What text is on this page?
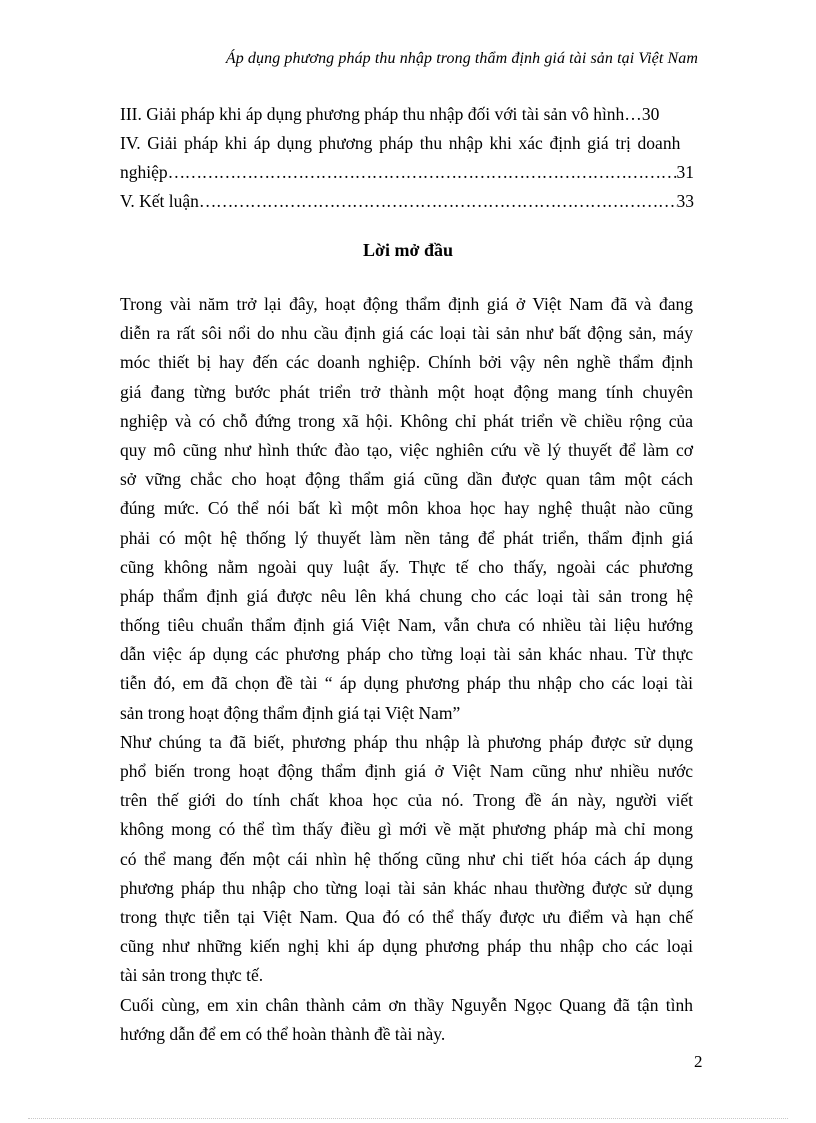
Áp dụng phương pháp thu nhập trong thẩm định giá tài sản tại Việt Nam
III. Giải pháp khi áp dụng phương pháp thu nhập đối với tài sản vô hình… 30
IV. Giải pháp khi áp dụng phương pháp thu nhập khi xác định giá trị doanh
nghiệp ………………………………………………………………………………………………………………………………………………………………	31
V. Kết luận ………………………………………………………………………………………………………………………………………………………………	33
Lời mở đầu
Trong vài năm trở lại đây, hoạt động thẩm định giá ở Việt Nam đã và đang
diễn ra rất sôi nổi do nhu cầu định giá các loại tài sản như bất động sản, máy
móc thiết bị hay đến các doanh nghiệp. Chính bởi vậy nên nghề thẩm định
giá đang từng bước phát triển trở thành một hoạt động mang tính chuyên
nghiệp và có chỗ đứng trong xã hội. Không chỉ phát triển về chiều rộng của
quy mô cũng như hình thức đào tạo, việc nghiên cứu về lý thuyết để làm cơ
sở vững chắc cho hoạt động thẩm giá cũng dần được quan tâm một cách
đúng mức. Có thể nói bất kì một môn khoa học hay nghệ thuật nào cũng
phải có một hệ thống lý thuyết làm nền tảng để phát triển, thẩm định giá
cũng không nằm ngoài quy luật ấy. Thực tế cho thấy, ngoài các phương
pháp thẩm định giá được nêu lên khá chung cho các loại tài sản trong hệ
thống tiêu chuẩn thẩm định giá Việt Nam, vẫn chưa có nhiều tài liệu hướng
dẫn việc áp dụng các phương pháp cho từng loại tài sản khác nhau. Từ thực
tiễn đó, em đã chọn đề tài “ áp dụng phương pháp thu nhập cho các loại tài
sản trong hoạt động thẩm định giá tại Việt Nam”
Như chúng ta đã biết, phương pháp thu nhập là phương pháp được sử dụng
phổ biến trong hoạt động thẩm định giá ở Việt Nam cũng như nhiều nước
trên thế giới do tính chất khoa học của nó. Trong đề án này, người viết
không mong có thể tìm thấy điều gì mới về mặt phương pháp mà chỉ mong
có thể mang đến một cái nhìn hệ thống cũng như chi tiết hóa cách áp dụng
phương pháp thu nhập cho từng loại tài sản khác nhau thường được sử dụng
trong thực tiễn tại Việt Nam. Qua đó có thể thấy được ưu điểm và hạn chế
cũng như những kiến nghị khi áp dụng phương pháp thu nhập cho các loại
tài sản trong thực tế.
Cuối cùng, em xin chân thành cảm ơn thầy Nguyễn Ngọc Quang đã tận tình
hướng dẫn để em có thể hoàn thành đề tài này.
2
